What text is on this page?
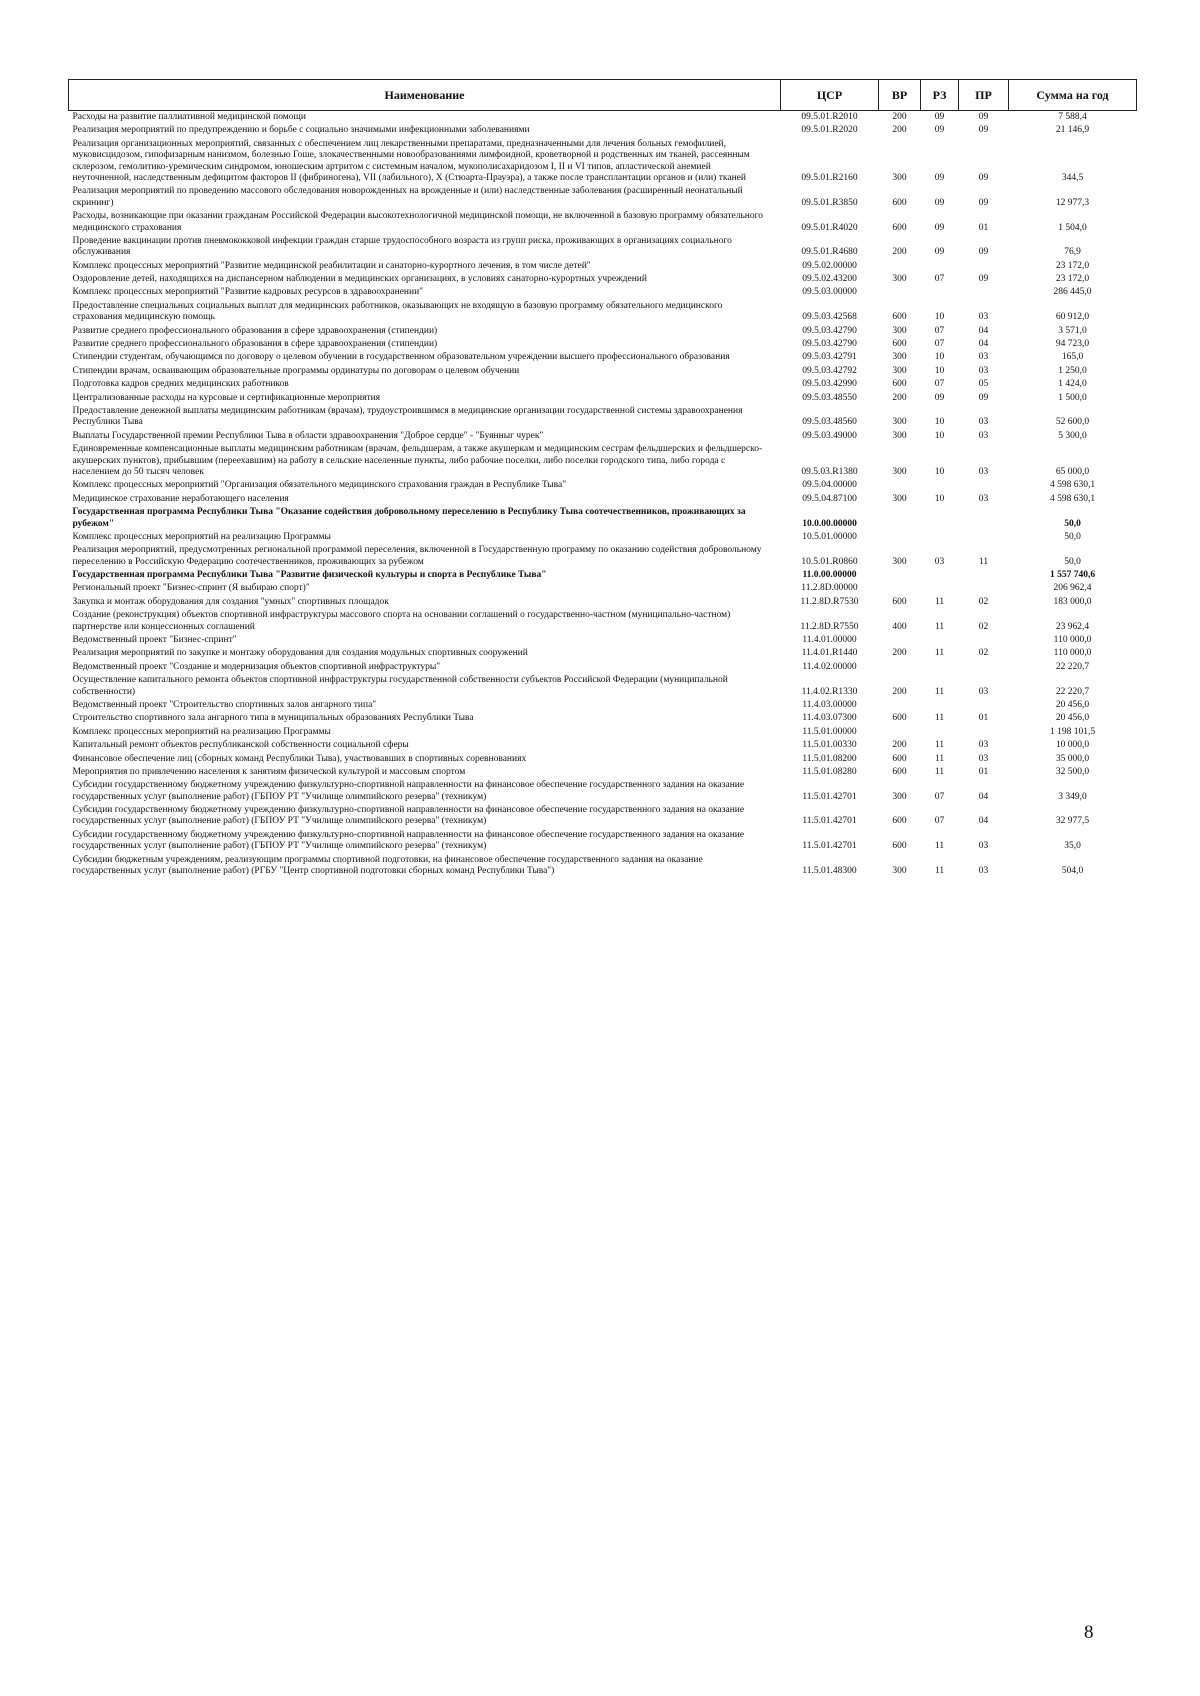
Наименование	ЦСР	ВР	РЗ	ПР	Сумма на год
Расходы на развитие паллиативной медицинской помощи	09.5.01.R2010	200	09	09	7 588,4
Реализация мероприятий по предупреждению и борьбе с социально значимыми инфекционными заболеваниями	09.5.01.R2020	200	09	09	21 146,9
Реализация организационных мероприятий, связанных с обеспечением лиц лекарственными препаратами, предназначенными для лечения больных гемофилией, муковисцидозом, гипофизарным нанизмом, болезнью Гоше, злокачественными новообразованиями лимфоидной, кроветворной и родственных им тканей, рассеянным склерозом, гемолитико-уремическим синдромом, юношеским артритом с системным началом, мукополисахаридозом I, II и VI типов, апластической анемией неуточненной, наследственным дефицитом факторов II (фибриногена), VII (лабильного), X (Стюарта-Прауэра), а также после трансплантации органов и (или) тканей	09.5.01.R2160	300	09	09	344,5
Реализация мероприятий по проведению массового обследования новорожденных на врожденные и (или) наследственные заболевания (расширенный неонатальный скрининг)	09.5.01.R3850	600	09	09	12 977,3
Расходы, возникающие при оказании гражданам Российской Федерации высокотехнологичной медицинской помощи, не включенной в базовую программу обязательного медицинского страхования	09.5.01.R4020	600	09	01	1 504,0
Проведение вакцинации против пневмококковой инфекции граждан старше трудоспособного возраста из групп риска, проживающих в организациях социального обслуживания	09.5.01.R4680	200	09	09	76,9
Комплекс процессных мероприятий "Развитие медицинской реабилитации и санаторно-курортного лечения, в том числе детей"	09.5.02.00000				23 172,0
Оздоровление детей, находящихся на диспансерном наблюдении в медицинских организациях, в условиях санаторно-курортных учреждений	09.5.02.43200	300	07	09	23 172,0
Комплекс процессных мероприятий "Развитие кадровых ресурсов в здравоохранении"	09.5.03.00000				286 445,0
Предоставление специальных социальных выплат для медицинских работников, оказывающих не входящую в базовую программу обязательного медицинского страхования медицинскую помощь	09.5.03.42568	600	10	03	60 912,0
Развитие среднего профессионального образования в сфере здравоохранения (стипендии)	09.5.03.42790	300	07	04	3 571,0
Развитие среднего профессионального образования в сфере здравоохранения (стипендии)	09.5.03.42790	600	07	04	94 723,0
Стипендии студентам, обучающимся по договору о целевом обучении в государственном образовательном учреждении высшего профессионального образования	09.5.03.42791	300	10	03	165,0
Стипендии врачам, осваивающим образовательные программы ординатуры по договорам о целевом обучении	09.5.03.42792	300	10	03	1 250,0
Подготовка кадров средних медицинских работников	09.5.03.42990	600	07	05	1 424,0
Централизованные расходы на курсовые и сертификационные мероприятия	09.5.03.48550	200	09	09	1 500,0
Предоставление денежной выплаты медицинским работникам (врачам), трудоустроившимся в медицинские организации государственной системы здравоохранения Республики Тыва	09.5.03.48560	300	10	03	52 600,0
Выплаты Государственной премии Республики Тыва в области здравоохранения "Доброе сердце" - "Буянныг чурек"	09.5.03.49000	300	10	03	5 300,0
Единовременные компенсационные выплаты медицинским работникам (врачам, фельдшерам, а также акушеркам и медицинским сестрам фельдшерских и фельдшерско-акушерских пунктов), прибывшим (переехавшим) на работу в сельские населенные пункты, либо рабочие поселки, либо поселки городского типа, либо города с населением до 50 тысяч человек	09.5.03.R1380	300	10	03	65 000,0
Комплекс процессных мероприятий "Организация обязательного медицинского страхования граждан в Республике Тыва"	09.5.04.00000				4 598 630,1
Медицинское страхование неработающего населения	09.5.04.87100	300	10	03	4 598 630,1
Государственная программа Республики Тыва "Оказание содействия добровольному переселению в Республику Тыва соотечественников, проживающих за рубежом"	10.0.00.00000				50,0
Комплекс процессных мероприятий на реализацию Программы	10.5.01.00000				50,0
Реализация мероприятий, предусмотренных региональной программой переселения, включенной в Государственную программу по оказанию содействия добровольному переселению в Российскую Федерацию соотечественников, проживающих за рубежом	10.5.01.R0860	300	03	11	50,0
Государственная программа Республики Тыва "Развитие физической культуры и спорта в Республике Тыва"	11.0.00.00000				1 557 740,6
Региональный проект "Бизнес-спринт (Я выбираю спорт)"	11.2.8D.00000				206 962,4
Закупка и монтаж оборудования для создания "умных" спортивных площадок	11.2.8D.R7530	600	11	02	183 000,0
Создание (реконструкция) объектов спортивной инфраструктуры массового спорта на основании соглашений о государственно-частном (муниципально-частном) партнерстве или концессионных соглашений	11.2.8D.R7550	400	11	02	23 962,4
Ведомственный проект "Бизнес-спринт"	11.4.01.00000				110 000,0
Реализация мероприятий по закупке и монтажу оборудования для создания модульных спортивных сооружений	11.4.01.R1440	200	11	02	110 000,0
Ведомственный проект "Создание и модернизация объектов спортивной инфраструктуры"	11.4.02.00000				22 220,7
Осуществление капитального ремонта объектов спортивной инфраструктуры государственной собственности субъектов Российской Федерации (муниципальной собственности)	11.4.02.R1330	200	11	03	22 220,7
Ведомственный проект "Строительство спортивных залов ангарного типа"	11.4.03.00000				20 456,0
Строительство спортивного зала ангарного типа в муниципальных образованиях Республики Тыва	11.4.03.07300	600	11	01	20 456,0
Комплекс процессных мероприятий на реализацию Программы	11.5.01.00000				1 198 101,5
Капитальный ремонт объектов республиканской собственности социальной сферы	11.5.01.00330	200	11	03	10 000,0
Финансовое обеспечение лиц (сборных команд Республики Тыва), участвовавших в спортивных соревнованиях	11.5.01.08200	600	11	03	35 000,0
Мероприятия по привлечению населения к занятиям физической культурой и массовым спортом	11.5.01.08280	600	11	01	32 500,0
Субсидии государственному бюджетному учреждению физкультурно-спортивной направленности на финансовое обеспечение государственного задания на оказание государственных услуг (выполнение работ) (ГБПОУ РТ "Училище олимпийского резерва" (техникум)	11.5.01.42701	300	07	04	3 349,0
Субсидии государственному бюджетному учреждению физкультурно-спортивной направленности на финансовое обеспечение государственного задания на оказание государственных услуг (выполнение работ) (ГБПОУ РТ "Училище олимпийского резерва" (техникум)	11.5.01.42701	600	07	04	32 977,5
Субсидии государственному бюджетному учреждению физкультурно-спортивной направленности на финансовое обеспечение государственного задания на оказание государственных услуг (выполнение работ) (ГБПОУ РТ "Училище олимпийского резерва" (техникум)	11.5.01.42701	600	11	03	35,0
Субсидии бюджетным учреждениям, реализующим программы спортивной подготовки, на финансовое обеспечение государственного задания на оказание государственных услуг (выполнение работ) (РГБУ "Центр спортивной подготовки сборных команд Республики Тыва")	11.5.01.48300	300	11	03	504,0
8
